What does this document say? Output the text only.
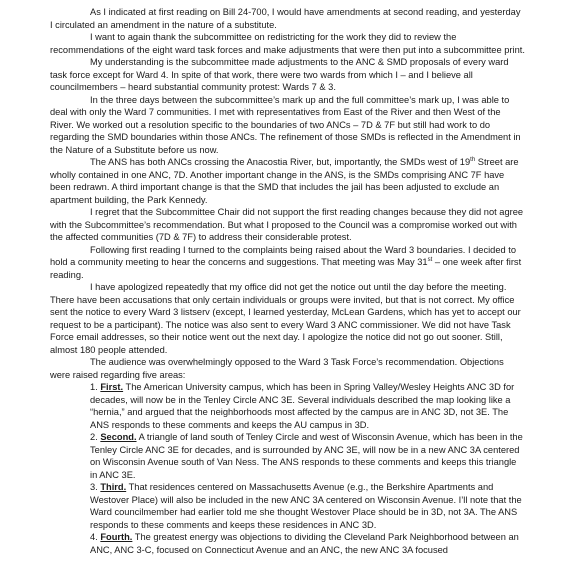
As I indicated at first reading on Bill 24-700, I would have amendments at second reading, and yesterday I circulated an amendment in the nature of a substitute.

I want to again thank the subcommittee on redistricting for the work they did to review the recommendations of the eight ward task forces and make adjustments that were then put into a subcommittee print.

My understanding is the subcommittee made adjustments to the ANC & SMD proposals of every ward task force except for Ward 4. In spite of that work, there were two wards from which I – and I believe all councilmembers – heard substantial community protest: Wards 7 & 3.

In the three days between the subcommittee’s mark up and the full committee’s mark up, I was able to deal with only the Ward 7 communities. I met with representatives from East of the River and then West of the River. We worked out a resolution specific to the boundaries of two ANCs – 7D & 7F but still had work to do regarding the SMD boundaries within those ANCs. The refinement of those SMDs is reflected in the Amendment in the Nature of a Substitute before us now.

The ANS has both ANCs crossing the Anacostia River, but, importantly, the SMDs west of 19th Street are wholly contained in one ANC, 7D. Another important change in the ANS, is the SMDs comprising ANC 7F have been redrawn. A third important change is that the SMD that includes the jail has been adjusted to exclude an apartment building, the Park Kennedy.

I regret that the Subcommittee Chair did not support the first reading changes because they did not agree with the Subcommittee’s recommendation. But what I proposed to the Council was a compromise worked out with the affected communities (7D & 7F) to address their considerable protest.

Following first reading I turned to the complaints being raised about the Ward 3 boundaries. I decided to hold a community meeting to hear the concerns and suggestions. That meeting was May 31st – one week after first reading.

I have apologized repeatedly that my office did not get the notice out until the day before the meeting. There have been accusations that only certain individuals or groups were invited, but that is not correct. My office sent the notice to every Ward 3 listserv (except, I learned yesterday, McLean Gardens, which has yet to accept our request to be a participant). The notice was also sent to every Ward 3 ANC commissioner. We did not have Task Force email addresses, so their notice went out the next day. I apologize the notice did not go out sooner. Still, almost 180 people attended.

The audience was overwhelmingly opposed to the Ward 3 Task Force’s recommendation. Objections were raised regarding five areas:

1. First. The American University campus, which has been in Spring Valley/Wesley Heights ANC 3D for decades, will now be in the Tenley Circle ANC 3E. Several individuals described the map looking like a “hernia,” and argued that the neighborhoods most affected by the campus are in ANC 3D, not 3E. The ANS responds to these comments and keeps the AU campus in 3D.

2. Second. A triangle of land south of Tenley Circle and west of Wisconsin Avenue, which has been in the Tenley Circle ANC 3E for decades, and is surrounded by ANC 3E, will now be in a new ANC 3A centered on Wisconsin Avenue south of Van Ness. The ANS responds to these comments and keeps this triangle in ANC 3E.

3. Third. That residences centered on Massachusetts Avenue (e.g., the Berkshire Apartments and Westover Place) will also be included in the new ANC 3A centered on Wisconsin Avenue. I’ll note that the Ward councilmember had earlier told me she thought Westover Place should be in 3D, not 3A. The ANS responds to these comments and keeps these residences in ANC 3D.

4. Fourth. The greatest energy was objections to dividing the Cleveland Park Neighborhood between an ANC, ANC 3-C, focused on Connecticut Avenue and an ANC, the new ANC 3A focused
